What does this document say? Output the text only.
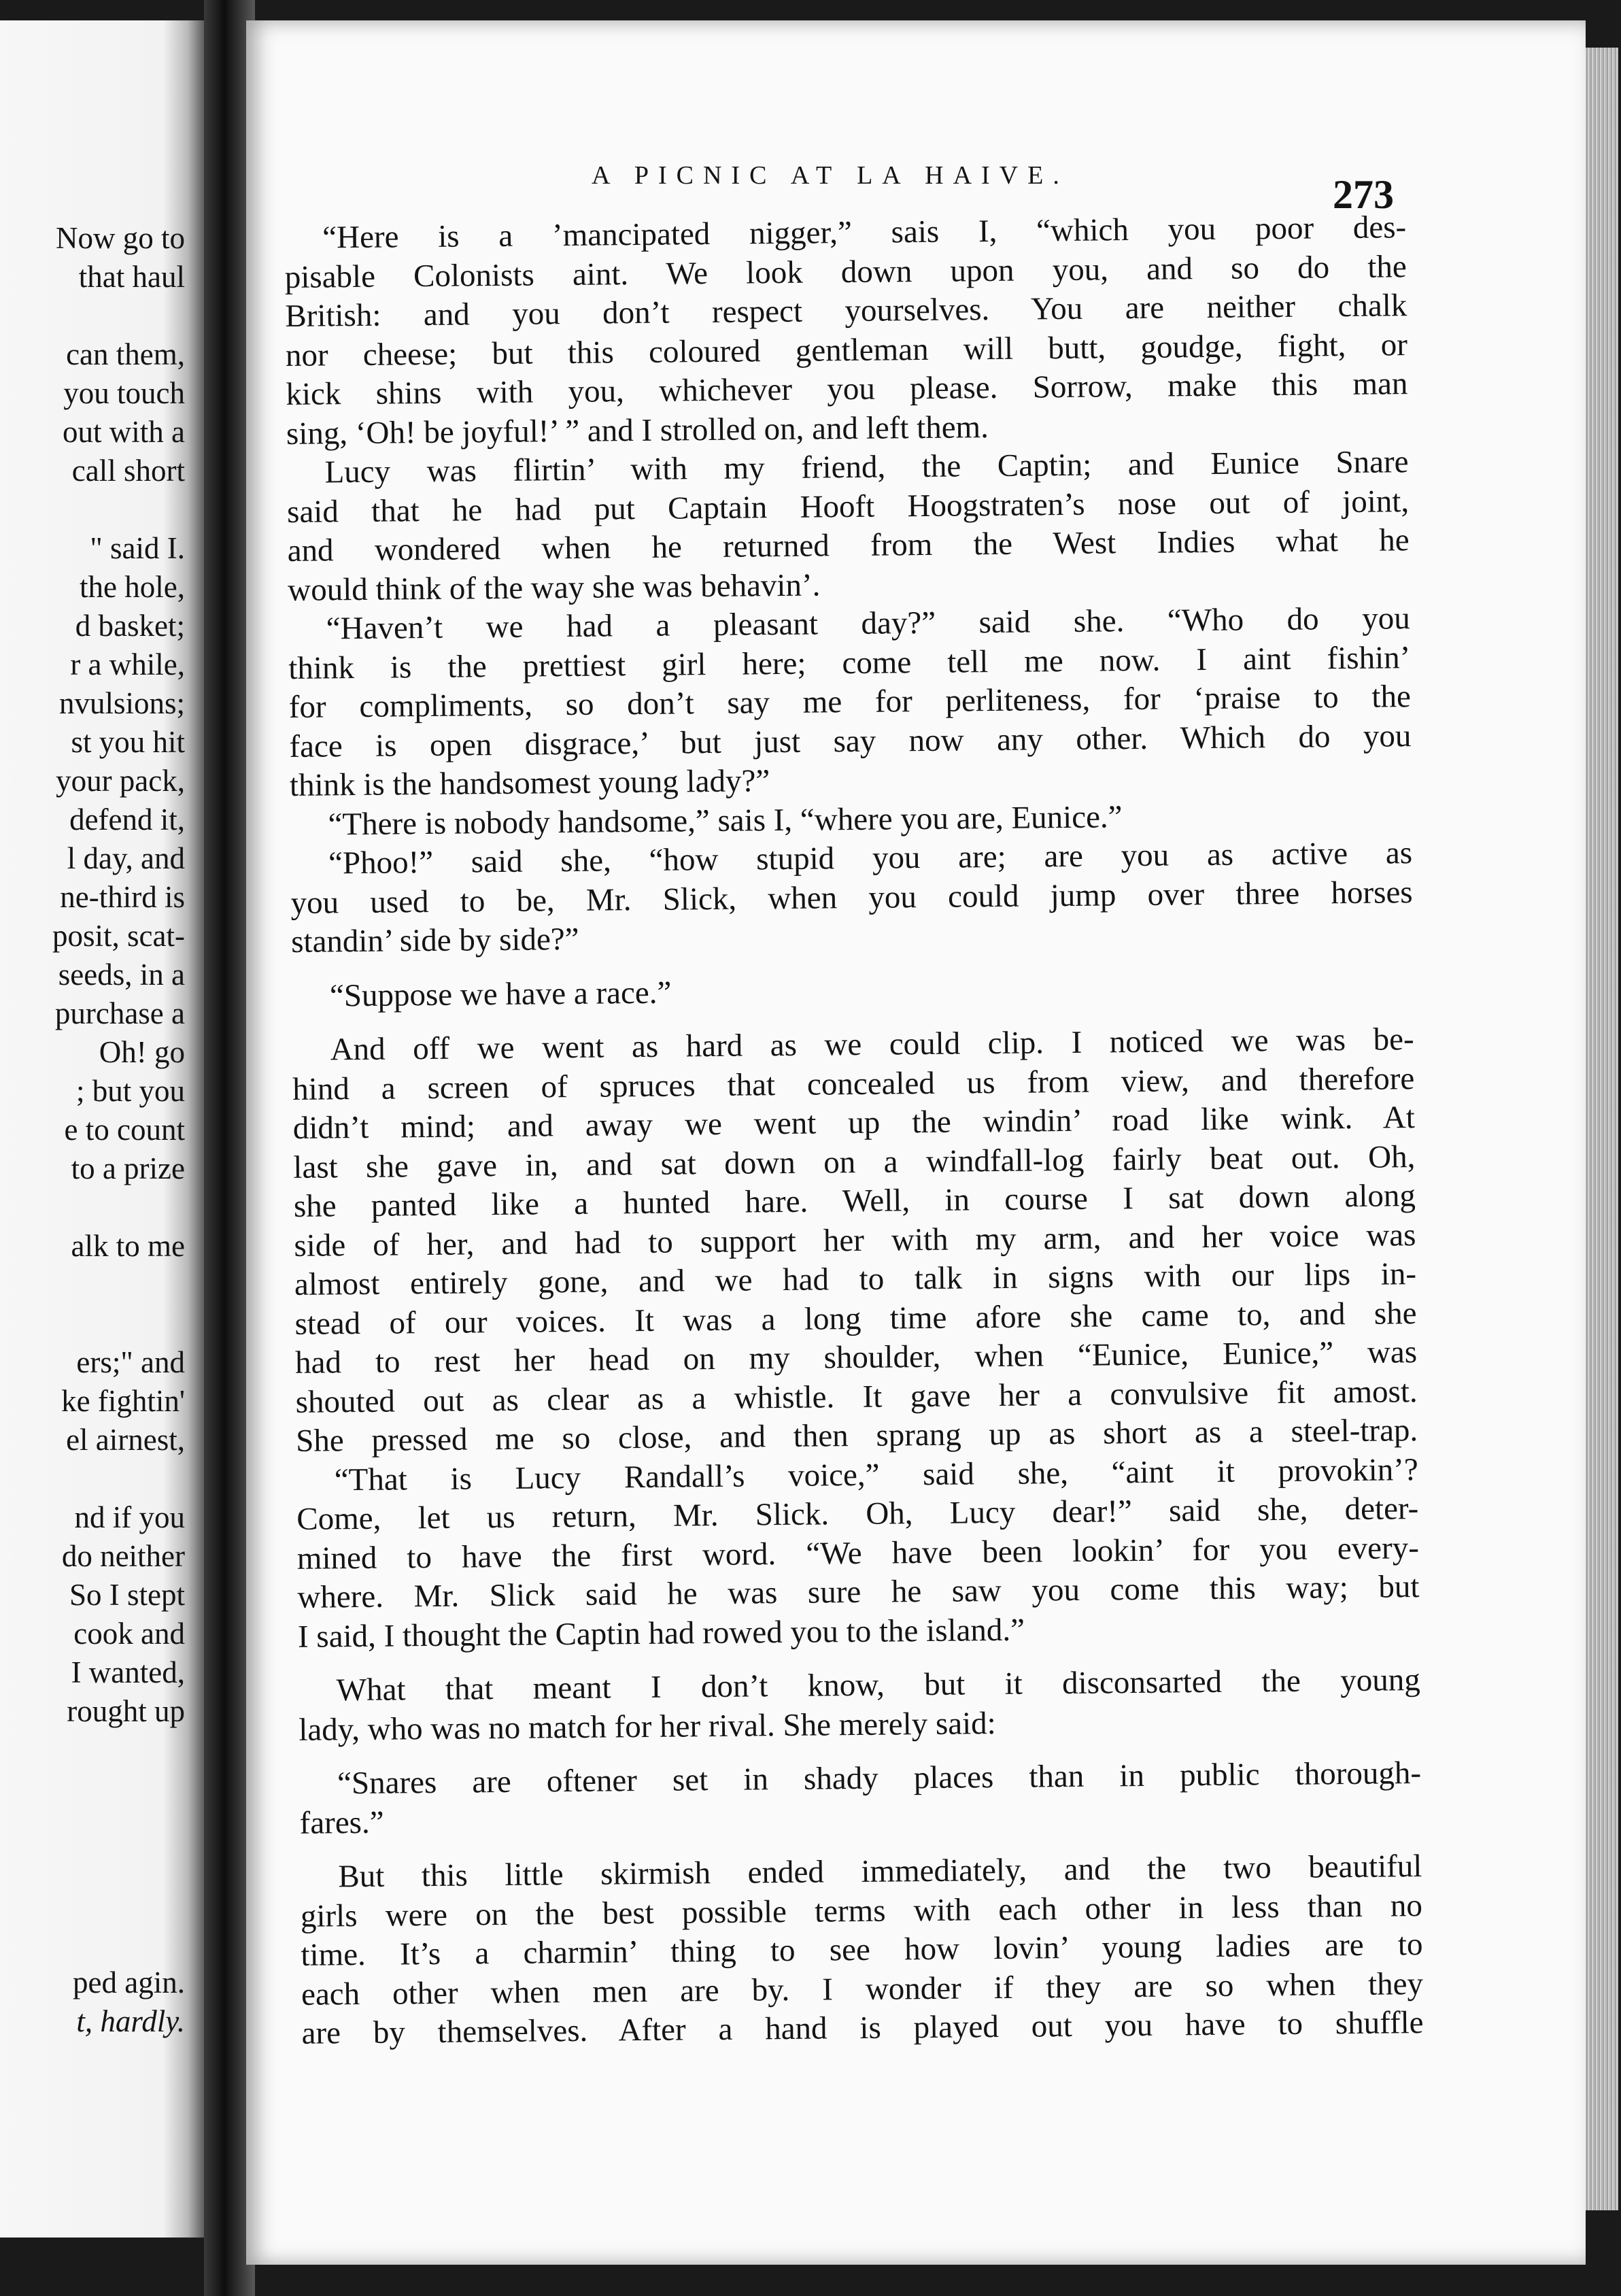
Now go to
that haul
can them,
you touch
out with a
call short
" said I.
the hole,
d basket;
r a while,
nvulsions;
st you hit
your pack,
defend it,
l day, and
ne-third is
posit, scat-
seeds, in a
purchase a
Oh! go
; but you
e to count
to a prize
alk to me
ers;" and
ke fightin'
el airnest,
nd if you
do neither
So I stept
cook and
I wanted,
rought up
ped agin.
t, hardly.
A PICNIC AT LA HAIVE.	273
“Here is a ’mancipated nigger,” sais I, “which you poor des-
pisable Colonists aint. We look down upon you, and so do the
British: and you don’t respect yourselves. You are neither chalk
nor cheese; but this coloured gentleman will butt, goudge, fight, or
kick shins with you, whichever you please. Sorrow, make this man
sing, ‘Oh! be joyful!’ ” and I strolled on, and left them.
Lucy was flirtin’ with my friend, the Captin; and Eunice Snare
said that he had put Captain Hooft Hoogstraten’s nose out of joint,
and wondered when he returned from the West Indies what he
would think of the way she was behavin’.
“Haven’t we had a pleasant day?” said she. “Who do you
think is the prettiest girl here; come tell me now. I aint fishin’
for compliments, so don’t say me for perliteness, for ‘praise to the
face is open disgrace,’ but just say now any other. Which do you
think is the handsomest young lady?”
“There is nobody handsome,” sais I, “where you are, Eunice.”
“Phoo!” said she, “how stupid you are; are you as active as
you used to be, Mr. Slick, when you could jump over three horses
standin’ side by side?”
“Suppose we have a race.”
And off we went as hard as we could clip. I noticed we was be-
hind a screen of spruces that concealed us from view, and therefore
didn’t mind; and away we went up the windin’ road like wink. At
last she gave in, and sat down on a windfall-log fairly beat out. Oh,
she panted like a hunted hare. Well, in course I sat down along
side of her, and had to support her with my arm, and her voice was
almost entirely gone, and we had to talk in signs with our lips in-
stead of our voices. It was a long time afore she came to, and she
had to rest her head on my shoulder, when “Eunice, Eunice,” was
shouted out as clear as a whistle. It gave her a convulsive fit amost.
She pressed me so close, and then sprang up as short as a steel-trap.
“That is Lucy Randall’s voice,” said she, “aint it provokin’?
Come, let us return, Mr. Slick. Oh, Lucy dear!” said she, deter-
mined to have the first word. “We have been lookin’ for you every-
where. Mr. Slick said he was sure he saw you come this way; but
I said, I thought the Captin had rowed you to the island.”
What that meant I don’t know, but it disconsarted the young
lady, who was no match for her rival. She merely said:
“Snares are oftener set in shady places than in public thorough-
fares.”
But this little skirmish ended immediately, and the two beautiful
girls were on the best possible terms with each other in less than no
time. It’s a charmin’ thing to see how lovin’ young ladies are to
each other when men are by. I wonder if they are so when they
are by themselves. After a hand is played out you have to shuffle
